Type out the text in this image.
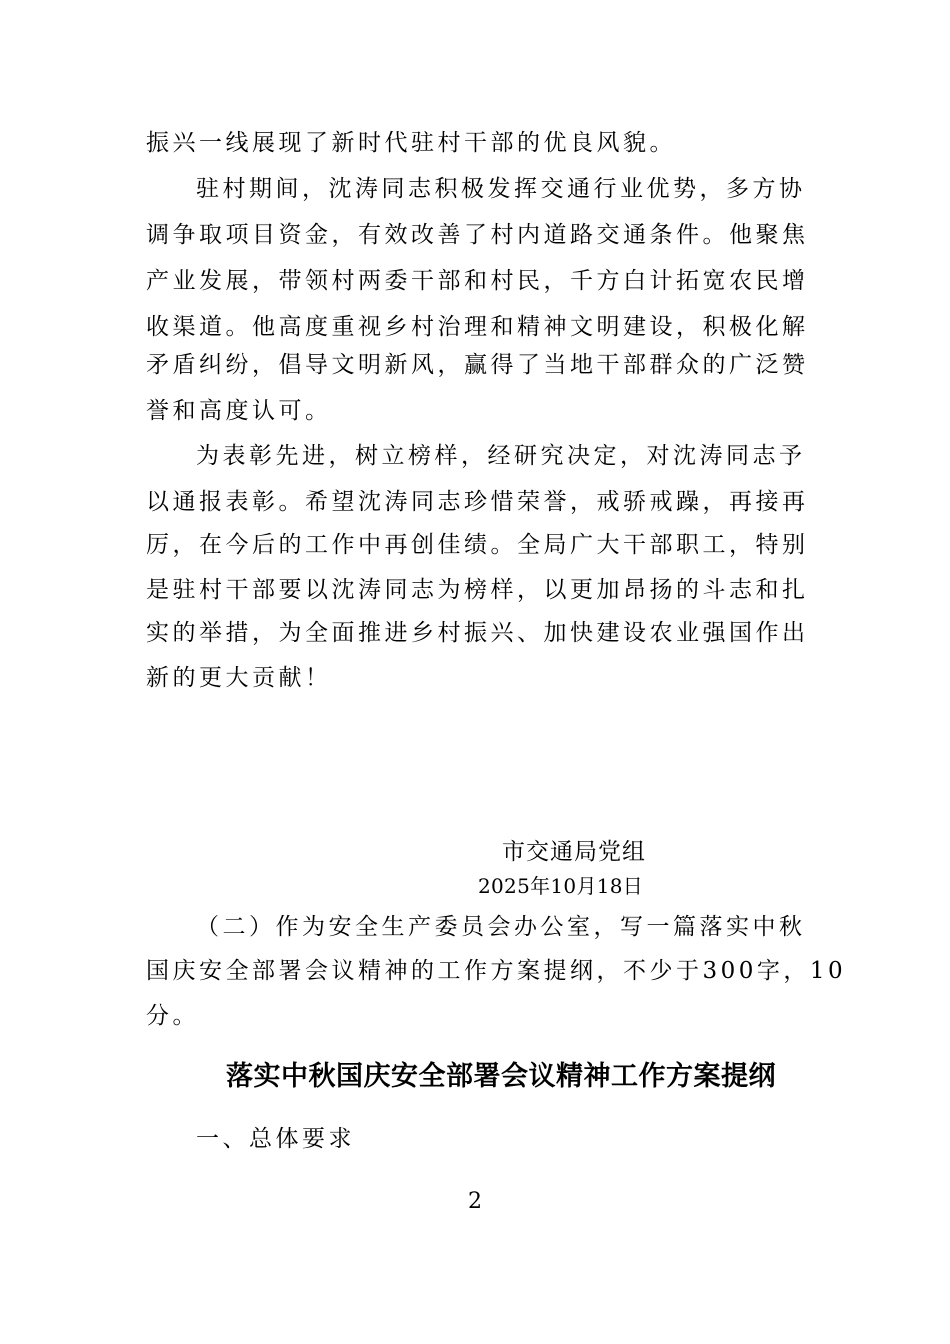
振兴一线展现了新时代驻村干部的优良风貌。
驻村期间，沈涛同志积极发挥交通行业优势，多方协
调争取项目资金，有效改善了村内道路交通条件。他聚焦
产业发展，带领村两委干部和村民，千方白计拓宽农民增
收渠道。他高度重视乡村治理和精神文明建设，积极化解
矛盾纠纷，倡导文明新风，赢得了当地干部群众的广泛赞
誉和高度认可。
为表彰先进，树立榜样，经研究决定，对沈涛同志予
以通报表彰。希望沈涛同志珍惜荣誉，戒骄戒躁，再接再
厉，在今后的工作中再创佳绩。全局广大干部职工，特别
是驻村干部要以沈涛同志为榜样，以更加昂扬的斗志和扎
实的举措，为全面推进乡村振兴、加快建设农业强国作出
新的更大贡献！
市交通局党组
2025年10月18日
（二）作为安全生产委员会办公室，写一篇落实中秋
国庆安全部署会议精神的工作方案提纲，不少于300字，10
分。
落实中秋国庆安全部署会议精神工作方案提纲
一、总体要求
2
